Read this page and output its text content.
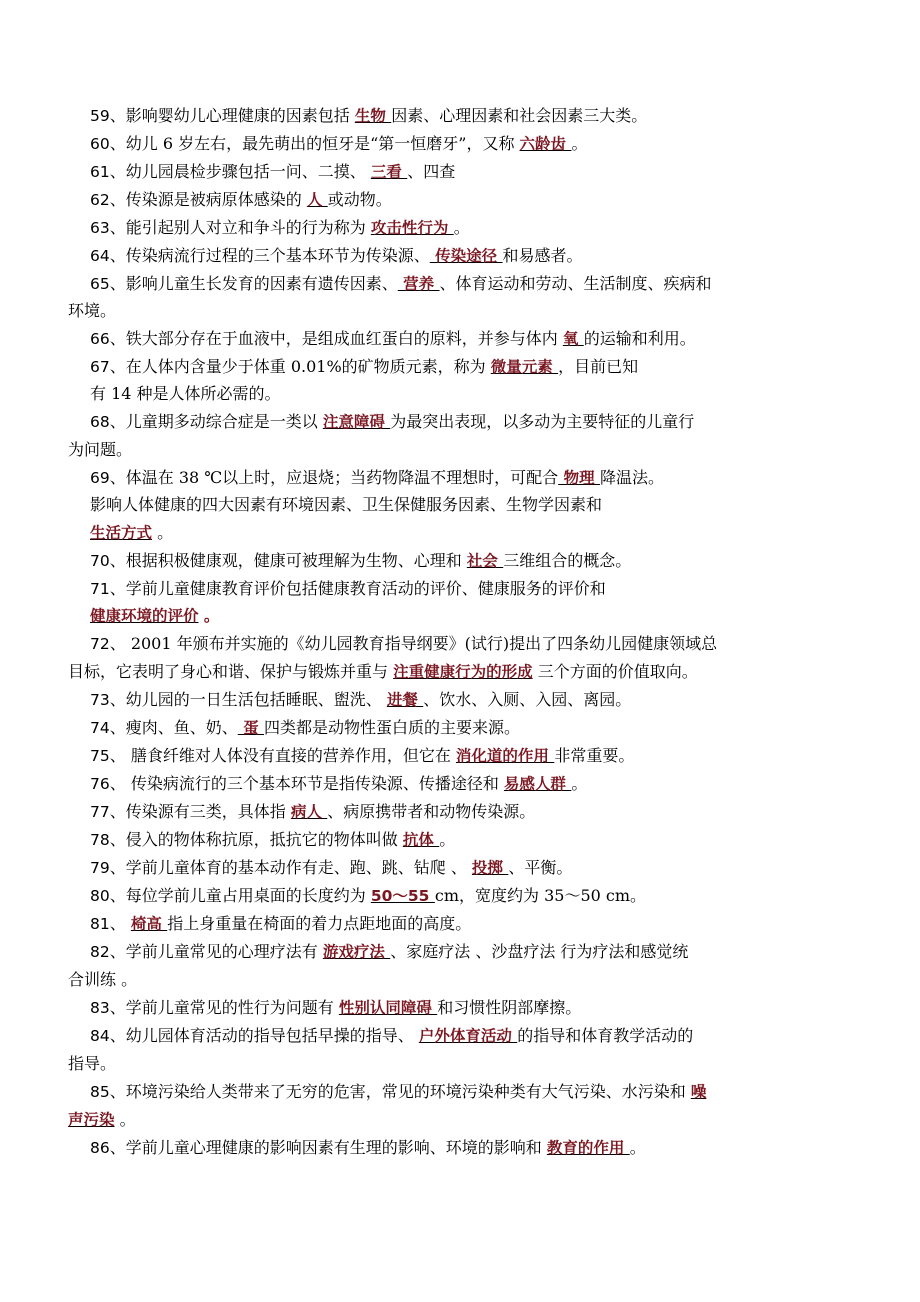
59、影响婴幼儿心理健康的因素包括 生物 因素、心理因素和社会因素三大类。
60、幼儿 6 岁左右，最先萌出的恒牙是“第一恒磨牙”，又称 六龄齿 。
61、幼儿园晨检步骤包括一问、二摸、 三看 、四查
62、传染源是被病原体感染的 人 或动物。
63、能引起别人对立和争斗的行为称为 攻击性行为 。
64、传染病流行过程的三个基本环节为传染源、 传染途径 和易感者。
65、影响儿童生长发育的因素有遗传因素、 营养 、体育运动和劳动、生活制度、疾病和
环境。
66、铁大部分存在于血液中，是组成血红蛋白的原料，并参与体内 氧 的运输和利用。
67、在人体内含量少于体重 0.01%的矿物质元素，称为 微量元素 ，目前已知
有 14 种是人体所必需的。
68、儿童期多动综合症是一类以 注意障碍 为最突出表现，以多动为主要特征的儿童行
为问题。
69、体温在 38 ℃以上时，应退烧；当药物降温不理想时，可配合 物理 降温法。
影响人体健康的四大因素有环境因素、卫生保健服务因素、生物学因素和
生活方式 。
70、根据积极健康观，健康可被理解为生物、心理和 社会 三维组合的概念。
71、学前儿童健康教育评价包括健康教育活动的评价、健康服务的评价和
健康环境的评价 。
72、 2001 年颁布并实施的《幼儿园教育指导纲要》(试行)提出了四条幼儿园健康领域总
目标，它表明了身心和谐、保护与锻炼并重与 注重健康行为的形成 三个方面的价值取向。
73、幼儿园的一日生活包括睡眠、盥洗、 进餐 、饮水、入厕、入园、离园。
74、瘦肉、鱼、奶、 蛋 四类都是动物性蛋白质的主要来源。
75、 膳食纤维对人体没有直接的营养作用，但它在 消化道的作用 非常重要。
76、 传染病流行的三个基本环节是指传染源、传播途径和 易感人群 。
77、传染源有三类，具体指 病人 、病原携带者和动物传染源。
78、侵入的物体称抗原，抵抗它的物体叫做 抗体 。
79、学前儿童体育的基本动作有走、跑、跳、钻爬 、 投掷 、平衡。
80、每位学前儿童占用桌面的长度约为 50～55 cm，宽度约为 35～50 cm。
81、 椅高 指上身重量在椅面的着力点距地面的高度。
82、学前儿童常见的心理疗法有 游戏疗法 、家庭疗法 、沙盘疗法 行为疗法和感觉统
合训练 。
83、学前儿童常见的性行为问题有 性别认同障碍 和习惯性阴部摩擦。
84、幼儿园体育活动的指导包括早操的指导、 户外体育活动 的指导和体育教学活动的
指导。
85、环境污染给人类带来了无穷的危害，常见的环境污染种类有大气污染、水污染和 噪
声污染 。
86、学前儿童心理健康的影响因素有生理的影响、环境的影响和 教育的作用 。
